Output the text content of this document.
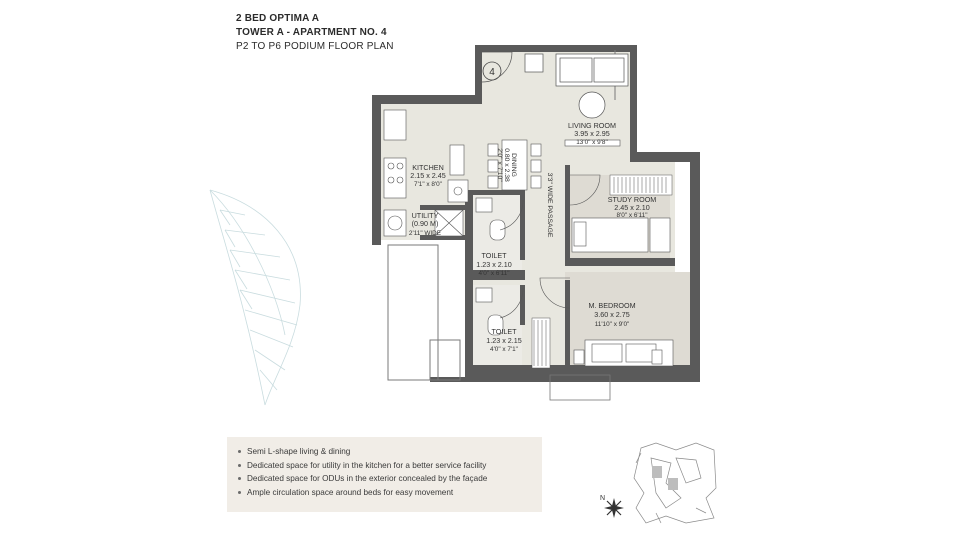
2 BED OPTIMA A
TOWER A - APARTMENT NO. 4
P2 TO P6 PODIUM FLOOR PLAN
4
LIVING ROOM
3.95 x 2.95
13'0" x 9'8"
KITCHEN
2.15 x 2.45
7'1" x 8'0"
UTILITY
(0.90 M)
2'11" WIDE
STUDY ROOM
2.45 x 2.10
8'0" x 6'11"
TOILET
1.23 x 2.10
4'0" x 6'11"
TOILET
1.23 x 2.15
4'0" x 7'1"
M. BEDROOM
3.60 x 2.75
11'10" x 9'0"
DINING
0.80 x 2.38
2'0" x 7'10"
3'3" WIDE PASSAGE
Semi L-shape living & dining
Dedicated space for utility in the kitchen for a better service facility
Dedicated space for ODUs in the exterior concealed by the façade
Ample circulation space around beds for easy movement
N
